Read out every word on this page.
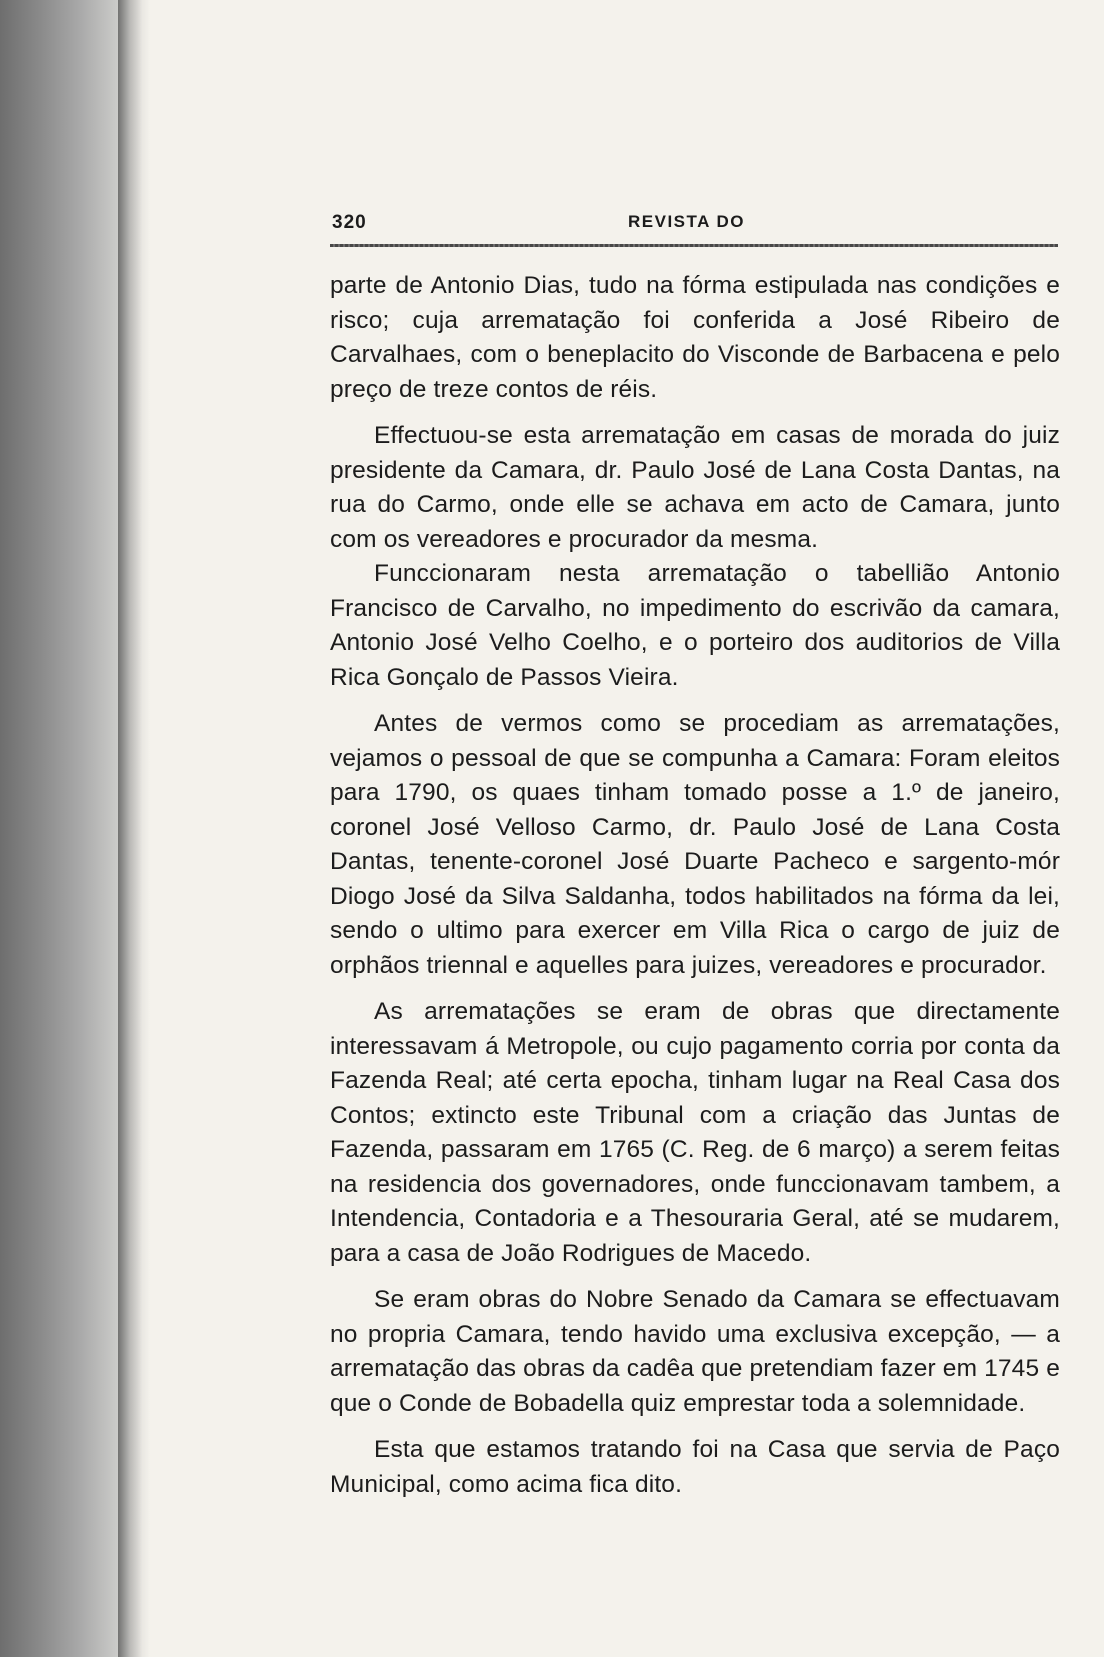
320	REVISTA DO

parte de Antonio Dias, tudo na fórma estipulada nas condições e risco; cuja arrematação foi conferida a José Ribeiro de Carvalhaes, com o beneplacito do Visconde de Barbacena e pelo preço de treze contos de réis.

Effectuou-se esta arrematação em casas de morada do juiz presidente da Camara, dr. Paulo José de Lana Costa Dantas, na rua do Carmo, onde elle se achava em acto de Camara, junto com os vereadores e procurador da mesma.

Funccionaram nesta arrematação o tabellião Antonio Francisco de Carvalho, no impedimento do escrivão da camara, Antonio José Velho Coelho, e o porteiro dos auditorios de Villa Rica Gonçalo de Passos Vieira.

Antes de vermos como se procediam as arrematações, vejamos o pessoal de que se compunha a Camara: Foram eleitos para 1790, os quaes tinham tomado posse a 1.º de janeiro, coronel José Velloso Carmo, dr. Paulo José de Lana Costa Dantas, tenente-coronel José Duarte Pacheco e sargento-mór Diogo José da Silva Saldanha, todos habilitados na fórma da lei, sendo o ultimo para exercer em Villa Rica o cargo de juiz de orphãos triennal e aquelles para juizes, vereadores e procurador.

As arrematações se eram de obras que directamente interessavam á Metropole, ou cujo pagamento corria por conta da Fazenda Real; até certa epocha, tinham lugar na Real Casa dos Contos; extincto este Tribunal com a criação das Juntas de Fazenda, passaram em 1765 (C. Reg. de 6 março) a serem feitas na residencia dos governadores, onde funccionavam tambem, a Intendencia, Contadoria e a Thesouraria Geral, até se mudarem, para a casa de João Rodrigues de Macedo.

Se eram obras do Nobre Senado da Camara se effectuavam no propria Camara, tendo havido uma exclusiva excepção, — a arrematação das obras da cadêa que pretendiam fazer em 1745 e que o Conde de Bobadella quiz emprestar toda a solemnidade.

Esta que estamos tratando foi na Casa que servia de Paço Municipal, como acima fica dito.
